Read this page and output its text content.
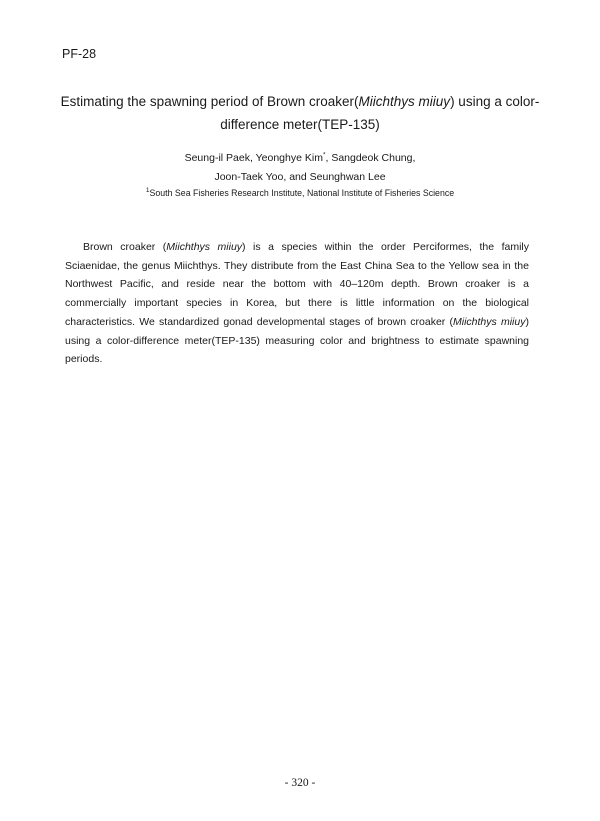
PF-28
Estimating the spawning period of Brown croaker(Miichthys miiuy) using a color-difference meter(TEP-135)
Seung-il Paek, Yeonghye Kim*, Sangdeok Chung,
Joon-Taek Yoo, and Seunghwan Lee
$^1$South Sea Fisheries Research Institute, National Institute of Fisheries Science

Brown croaker (Miichthys miiuy) is a species within the order Perciformes, the family Sciaenidae, the genus Miichthys. They distribute from the East China Sea to the Yellow sea in the Northwest Pacific, and reside near the bottom with 40–120m depth. Brown croaker is a commercially important species in Korea, but there is little information on the biological characteristics. We standardized gonad developmental stages of brown croaker (Miichthys miiuy) using a color-difference meter(TEP-135) measuring color and brightness to estimate spawning periods.

- 320 -
